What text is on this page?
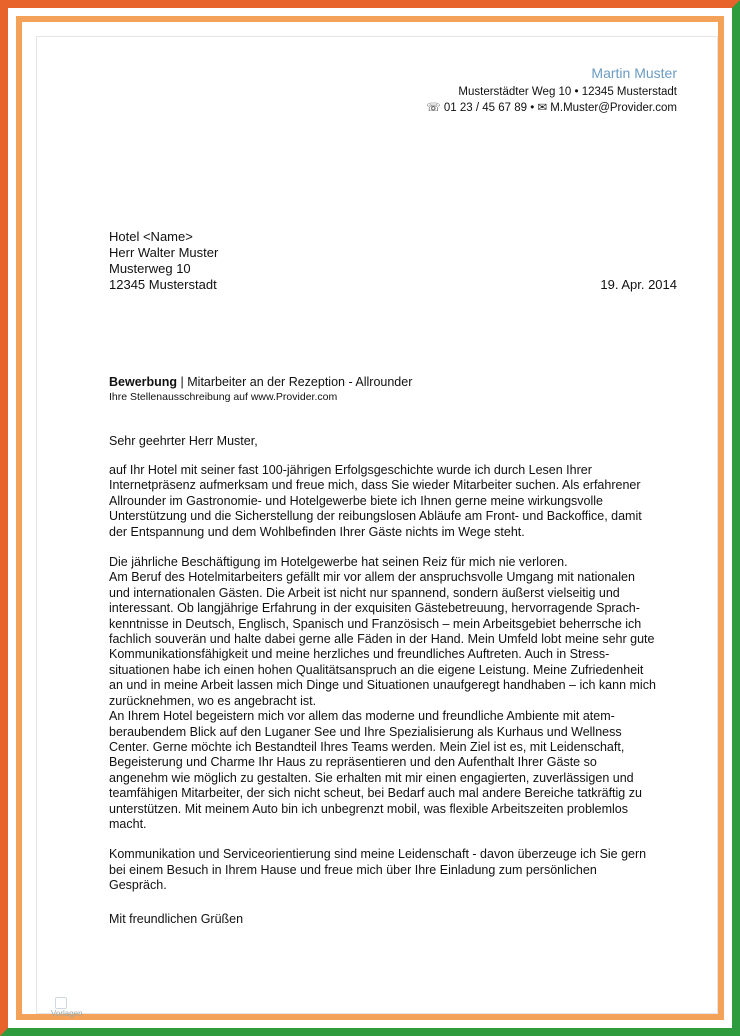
Martin Muster
Musterstädter Weg 10 • 12345 Musterstadt
☏ 01 23 / 45 67 89 • ✉ M.Muster@Provider.com
Hotel <Name>
Herr Walter Muster
Musterweg 10
12345 Musterstadt	19. Apr. 2014
Bewerbung | Mitarbeiter an der Rezeption - Allrounder
Ihre Stellenausschreibung auf www.Provider.com
Sehr geehrter Herr Muster,

auf Ihr Hotel mit seiner fast 100-jährigen Erfolgsgeschichte wurde ich durch Lesen Ihrer
Internetpräsenz aufmerksam und freue mich, dass Sie wieder Mitarbeiter suchen. Als erfahrener
Allrounder im Gastronomie- und Hotelgewerbe biete ich Ihnen gerne meine wirkungsvolle
Unterstützung und die Sicherstellung der reibungslosen Abläufe am Front- und Backoffice, damit
der Entspannung und dem Wohlbefinden Ihrer Gäste nichts im Wege steht.

Die jährliche Beschäftigung im Hotelgewerbe hat seinen Reiz für mich nie verloren.
Am Beruf des Hotelmitarbeiters gefällt mir vor allem der anspruchsvolle Umgang mit nationalen
und internationalen Gästen. Die Arbeit ist nicht nur spannend, sondern äußerst vielseitig und
interessant. Ob langjährige Erfahrung in der exquisiten Gästebetreuung, hervorragende Sprach-
kenntnisse in Deutsch, Englisch, Spanisch und Französisch – mein Arbeitsgebiet beherrsche ich
fachlich souverän und halte dabei gerne alle Fäden in der Hand. Mein Umfeld lobt meine sehr gute
Kommunikationsfähigkeit und meine herzliches und freundliches Auftreten. Auch in Stress-
situationen habe ich einen hohen Qualitätsanspruch an die eigene Leistung. Meine Zufriedenheit
an und in meine Arbeit lassen mich Dinge und Situationen unaufgeregt handhaben – ich kann mich
zurücknehmen, wo es angebracht ist.
An Ihrem Hotel begeistern mich vor allem das moderne und freundliche Ambiente mit atem-
beraubendem Blick auf den Luganer See und Ihre Spezialisierung als Kurhaus und Wellness
Center. Gerne möchte ich Bestandteil Ihres Teams werden. Mein Ziel ist es, mit Leidenschaft,
Begeisterung und Charme Ihr Haus zu repräsentieren und den Aufenthalt Ihrer Gäste so
angenehm wie möglich zu gestalten. Sie erhalten mit mir einen engagierten, zuverlässigen und
teamfähigen Mitarbeiter, der sich nicht scheut, bei Bedarf auch mal andere Bereiche tatkräftig zu
unterstützen. Mit meinem Auto bin ich unbegrenzt mobil, was flexible Arbeitszeiten problemlos
macht.

Kommunikation und Serviceorientierung sind meine Leidenschaft - davon überzeuge ich Sie gern
bei einem Besuch in Ihrem Hause und freue mich über Ihre Einladung zum persönlichen
Gespräch.

Mit freundlichen Grüßen
Vorlagen
